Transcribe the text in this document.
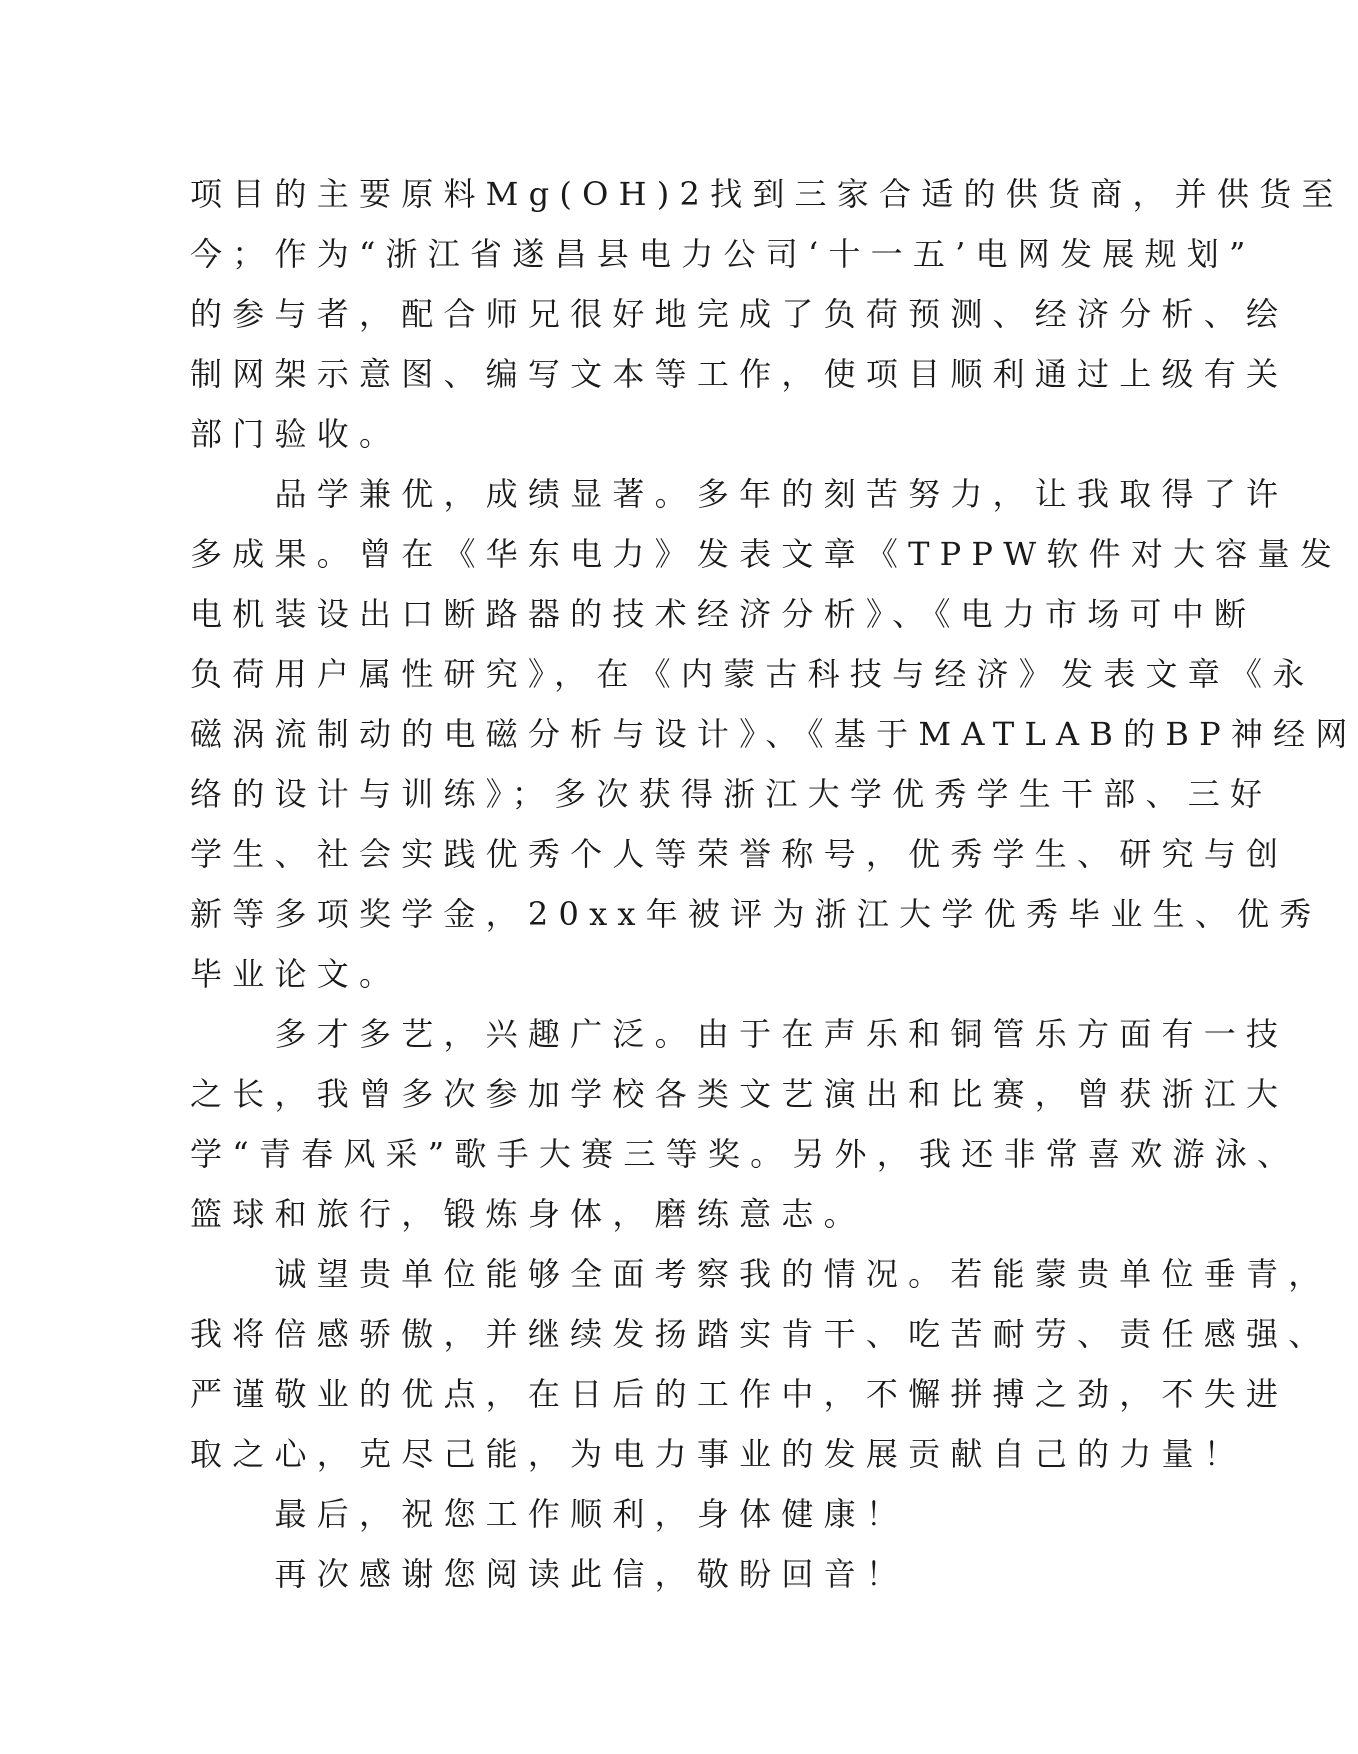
项目的主要原料Mg(OH)2找到三家合适的供货商，并供货至
今；作为“浙江省遂昌县电力公司‘十一五’电网发展规划”
的参与者，配合师兄很好地完成了负荷预测、经济分析、绘
制网架示意图、编写文本等工作，使项目顺利通过上级有关
部门验收。
　　品学兼优，成绩显著。多年的刻苦努力，让我取得了许
多成果。曾在《华东电力》发表文章《TPPW软件对大容量发
电机装设出口断路器的技术经济分析》、《电力市场可中断
负荷用户属性研究》，在《内蒙古科技与经济》发表文章《永
磁涡流制动的电磁分析与设计》、《基于MATLAB的BP神经网
络的设计与训练》；多次获得浙江大学优秀学生干部、三好
学生、社会实践优秀个人等荣誉称号，优秀学生、研究与创
新等多项奖学金，20xx年被评为浙江大学优秀毕业生、优秀
毕业论文。
　　多才多艺，兴趣广泛。由于在声乐和铜管乐方面有一技
之长，我曾多次参加学校各类文艺演出和比赛，曾获浙江大
学“青春风采”歌手大赛三等奖。另外，我还非常喜欢游泳、
篮球和旅行，锻炼身体，磨练意志。
　　诚望贵单位能够全面考察我的情况。若能蒙贵单位垂青，
我将倍感骄傲，并继续发扬踏实肯干、吃苦耐劳、责任感强、
严谨敬业的优点，在日后的工作中，不懈拼搏之劲，不失进
取之心，克尽己能，为电力事业的发展贡献自己的力量！
　　最后，祝您工作顺利，身体健康！
　　再次感谢您阅读此信，敬盼回音！
